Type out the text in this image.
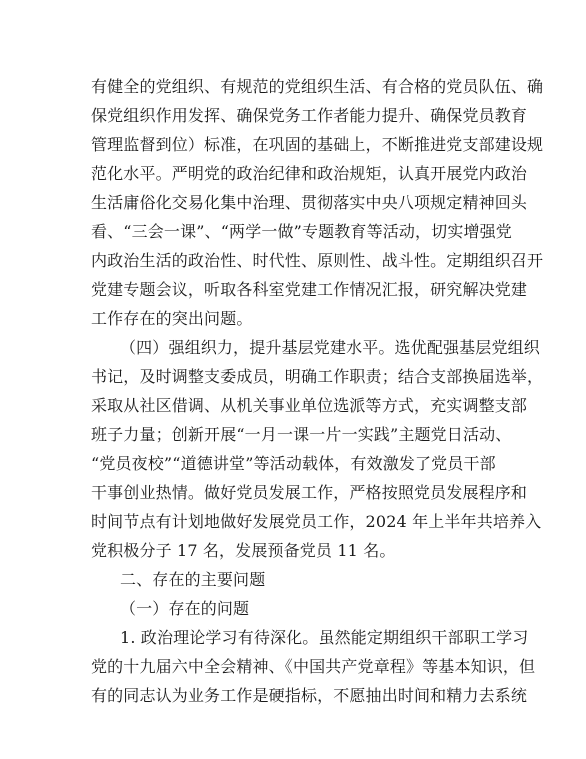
有健全的党组织、有规范的党组织生活、有合格的党员队伍、确

保党组织作用发挥、确保党务工作者能力提升、确保党员教育

管理监督到位）标准，在巩固的基础上，不断推进党支部建设规

范化水平。严明党的政治纪律和政治规矩，认真开展党内政治

生活庸俗化交易化集中治理、贯彻落实中央八项规定精神回头

看、“三会一课”、“两学一做”专题教育等活动，切实增强党

内政治生活的政治性、时代性、原则性、战斗性。定期组织召开

党建专题会议，听取各科室党建工作情况汇报，研究解决党建

工作存在的突出问题。

（四）强组织力，提升基层党建水平。选优配强基层党组织

书记，及时调整支委成员，明确工作职责；结合支部换届选举，

采取从社区借调、从机关事业单位选派等方式，充实调整支部

班子力量；创新开展“一月一课一片一实践”主题党日活动、

“党员夜校”“道德讲堂”等活动载体，有效激发了党员干部

干事创业热情。做好党员发展工作，严格按照党员发展程序和

时间节点有计划地做好发展党员工作，2024 年上半年共培养入

党积极分子 17 名，发展预备党员 11 名。

二、存在的主要问题

（一）存在的问题

1. 政治理论学习有待深化。虽然能定期组织干部职工学习

党的十九届六中全会精神、《中国共产党章程》等基本知识，但

有的同志认为业务工作是硬指标，不愿抽出时间和精力去系统
